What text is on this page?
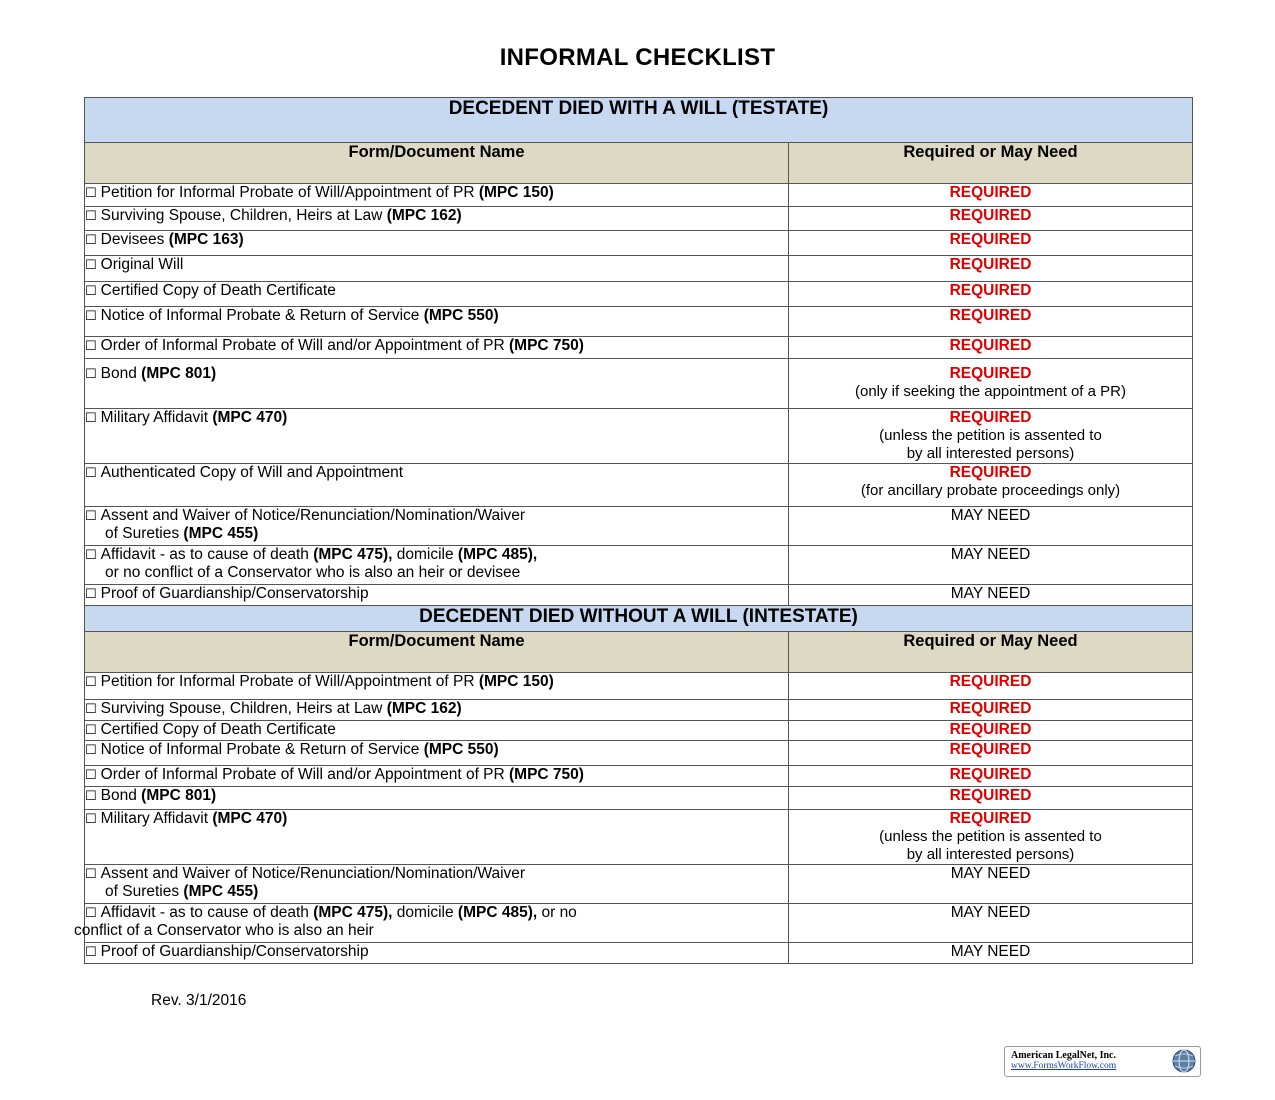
INFORMAL CHECKLIST
DECEDENT DIED WITH A WILL (TESTATE)	
Form/Document Name	Required or May Need
☐ Petition for Informal Probate of Will/Appointment of PR (MPC 150)	REQUIRED
☐ Surviving Spouse, Children, Heirs at Law (MPC 162)	REQUIRED
☐ Devisees (MPC 163)	REQUIRED
☐ Original Will	REQUIRED
☐ Certified Copy of Death Certificate	REQUIRED
☐ Notice of Informal Probate & Return of Service (MPC 550)	REQUIRED
☐ Order of Informal Probate of Will and/or Appointment of PR (MPC 750)	REQUIRED
☐ Bond (MPC 801)	REQUIRED
(only if seeking the appointment of a PR)

☐ Military Affidavit (MPC 470)	REQUIRED
(unless the petition is assented to
by all interested persons)

☐ Authenticated Copy of Will and Appointment	REQUIRED
(for ancillary probate proceedings only)

☐ Assent and Waiver of Notice/Renunciation/Nomination/Waiver
of Sureties (MPC 455)	MAY NEED
☐ Affidavit - as to cause of death (MPC 475), domicile (MPC 485),
or no conflict of a Conservator who is also an heir or devisee	MAY NEED
☐ Proof of Guardianship/Conservatorship	MAY NEED
DECEDENT DIED WITHOUT A WILL (INTESTATE)	
Form/Document Name	Required or May Need
☐ Petition for Informal Probate of Will/Appointment of PR (MPC 150)	REQUIRED
☐ Surviving Spouse, Children, Heirs at Law (MPC 162)	REQUIRED
☐ Certified Copy of Death Certificate	REQUIRED
☐ Notice of Informal Probate & Return of Service (MPC 550)	REQUIRED
☐ Order of Informal Probate of Will and/or Appointment of PR (MPC 750)	REQUIRED
☐ Bond (MPC 801)	REQUIRED
☐ Military Affidavit (MPC 470)	REQUIRED
(unless the petition is assented to
by all interested persons)

☐ Assent and Waiver of Notice/Renunciation/Nomination/Waiver
of Sureties (MPC 455)	MAY NEED
☐ Affidavit - as to cause of death (MPC 475), domicile (MPC 485), or no
conflict of a Conservator who is also an heir	MAY NEED
☐ Proof of Guardianship/Conservatorship	MAY NEED
Rev. 3/1/2016
American LegalNet, Inc.
www.FormsWorkFlow.com
